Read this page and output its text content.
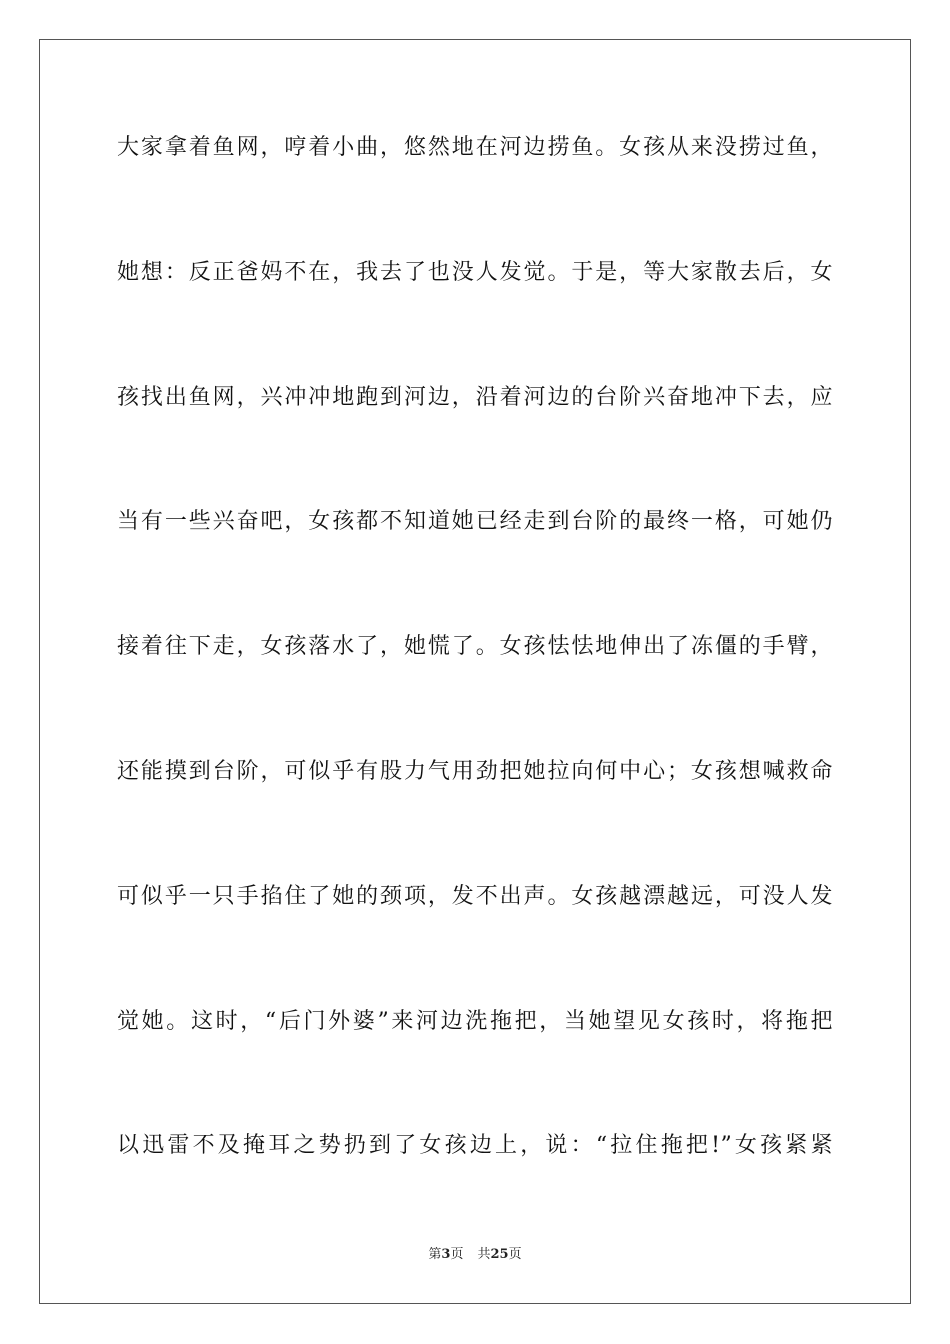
大家拿着鱼网，哼着小曲，悠然地在河边捞鱼。女孩从来没捞过鱼，
她想：反正爸妈不在，我去了也没人发觉。于是，等大家散去后，女
孩找出鱼网，兴冲冲地跑到河边，沿着河边的台阶兴奋地冲下去，应
当有一些兴奋吧，女孩都不知道她已经走到台阶的最终一格，可她仍
接着往下走，女孩落水了，她慌了。女孩怯怯地伸出了冻僵的手臂，
还能摸到台阶，可似乎有股力气用劲把她拉向何中心；女孩想喊救命
可似乎一只手掐住了她的颈项，发不出声。女孩越漂越远，可没人发
觉她。这时，“后门外婆”来河边洗拖把，当她望见女孩时，将拖把
以迅雷不及掩耳之势扔到了女孩边上，说：“拉住拖把!”女孩紧紧
第3页 共25页
